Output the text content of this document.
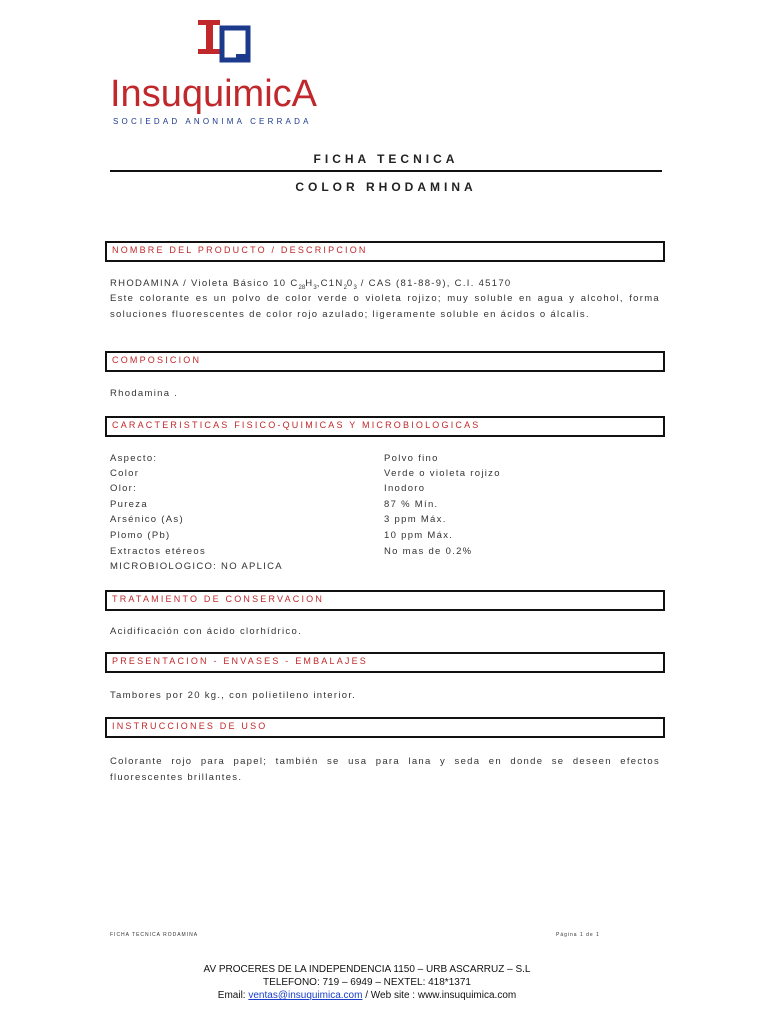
InsuquimicA
SOCIEDAD ANONIMA CERRADA
FICHA TECNICA
COLOR RHODAMINA
NOMBRE DEL PRODUCTO / DESCRIPCION
RHODAMINA / Violeta Básico 10 $C_{28}H_3,C1N_20_3$ / CAS (81-88-9), C.I. 45170
Este colorante es un polvo de color verde o violeta rojizo; muy soluble en agua y alcohol, forma soluciones fluorescentes de color rojo azulado; ligeramente soluble en ácidos o álcalis.
COMPOSICION
Rhodamina .
CARACTERISTICAS FISICO-QUIMICAS Y MICROBIOLOGICAS
Aspecto:	Polvo fino
Color	Verde o violeta rojizo
Olor:	Inodoro
Pureza	87 % Mín.
Arsénico (As)	3 ppm Máx.
Plomo (Pb)	10 ppm Máx.
Extractos etéreos	No mas de 0.2%
MICROBIOLOGICO: NO APLICA
TRATAMIENTO DE CONSERVACION
Acidificación con ácido clorhídrico.
PRESENTACION - ENVASES - EMBALAJES
Tambores por 20 kg., con polietileno interior.
INSTRUCCIONES DE USO
Colorante rojo para papel; también se usa para lana y seda en donde se deseen efectos fluorescentes brillantes.
FICHA TECNICA RODAMINA	Página 1 de 1
AV PROCERES DE LA INDEPENDENCIA 1150 – URB ASCARRUZ – S.L
TELEFONO: 719 – 6949 – NEXTEL: 418*1371
Email: ventas@insuquimica.com / Web site : www.insuquimica.com
